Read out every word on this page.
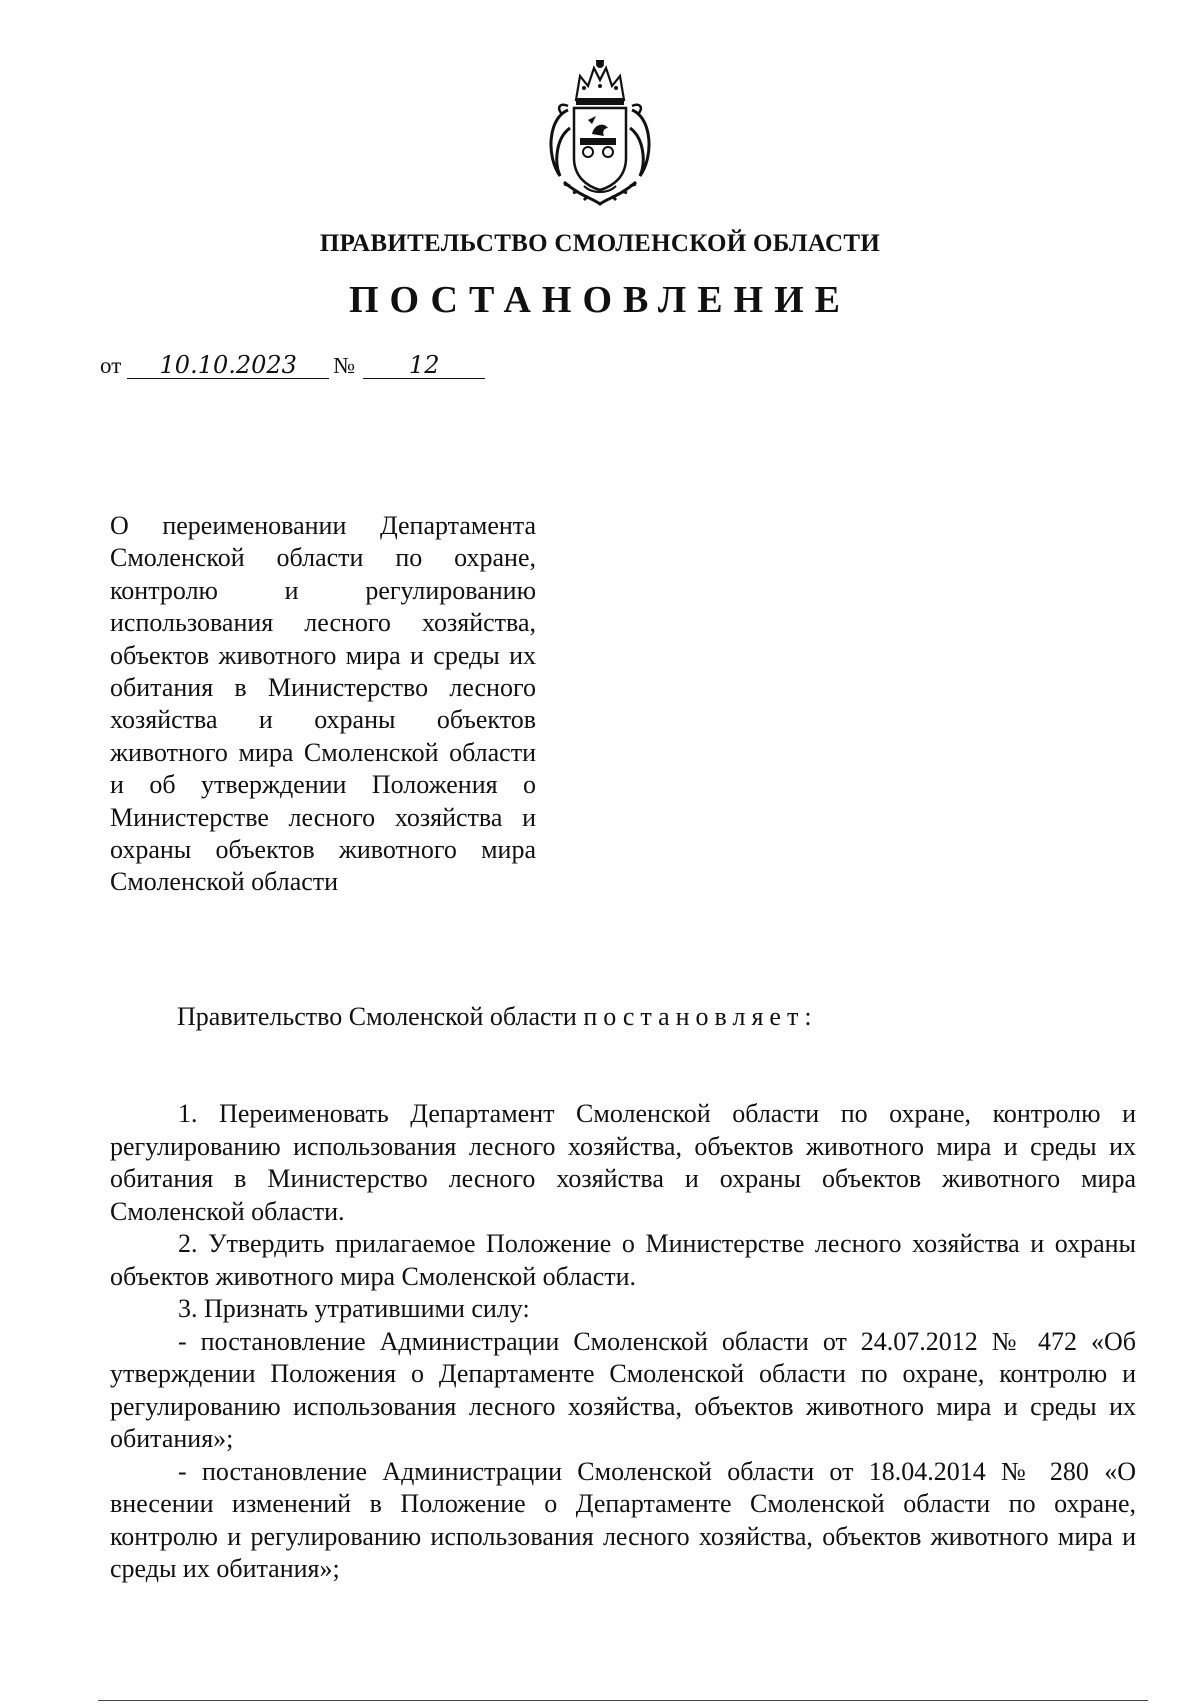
ПРАВИТЕЛЬСТВО СМОЛЕНСКОЙ ОБЛАСТИ
ПОСТАНОВЛЕНИЕ
от 10.10.2023 № 12
О переименовании Департамента Смоленской области по охране, контролю и регулированию использования лесного хозяйства, объектов животного мира и среды их обитания в Министерство лесного хозяйства и охраны объектов животного мира Смоленской области и об утверждении Положения о Министерстве лесного хозяйства и охраны объектов животного мира Смоленской области
Правительство Смоленской области постановляет:

1. Переименовать Департамент Смоленской области по охране, контролю и регулированию использования лесного хозяйства, объектов животного мира и среды их обитания в Министерство лесного хозяйства и охраны объектов животного мира Смоленской области.

2. Утвердить прилагаемое Положение о Министерстве лесного хозяйства и охраны объектов животного мира Смоленской области.

3. Признать утратившими силу:

- постановление Администрации Смоленской области от 24.07.2012 № 472 «Об утверждении Положения о Департаменте Смоленской области по охране, контролю и регулированию использования лесного хозяйства, объектов животного мира и среды их обитания»;

- постановление Администрации Смоленской области от 18.04.2014 № 280 «О внесении изменений в Положение о Департаменте Смоленской области по охране, контролю и регулированию использования лесного хозяйства, объектов животного мира и среды их обитания»;
